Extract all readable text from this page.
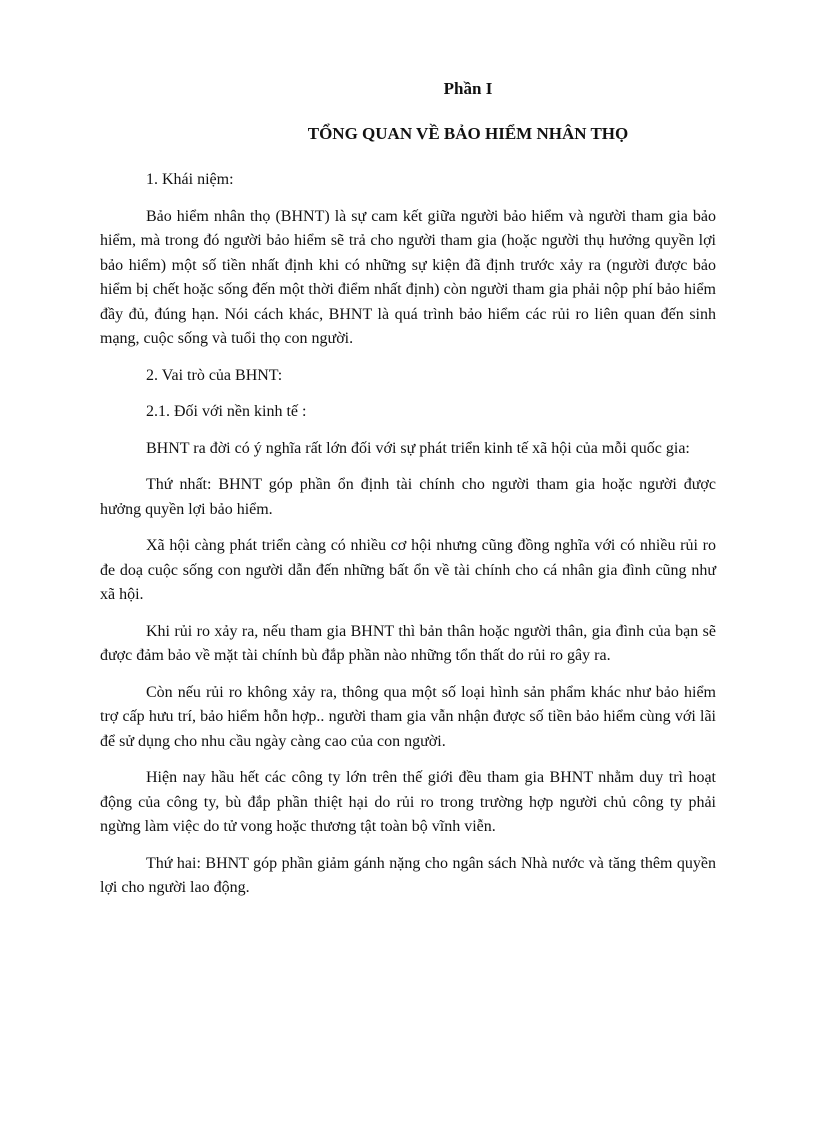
Phần I
TỔNG QUAN VỀ BẢO HIỂM NHÂN THỌ

1. Khái niệm:

Bảo hiểm nhân thọ (BHNT) là sự cam kết giữa người bảo hiểm và người tham gia bảo hiểm, mà trong đó người bảo hiểm sẽ trả cho người tham gia (hoặc người thụ hưởng quyền lợi bảo hiểm) một số tiền nhất định khi có những sự kiện đã định trước xảy ra (người được bảo hiểm bị chết hoặc sống đến một thời điểm nhất định) còn người tham gia phải nộp phí bảo hiểm đầy đủ, đúng hạn. Nói cách khác, BHNT là quá trình bảo hiểm các rủi ro liên quan đến sinh mạng, cuộc sống và tuổi thọ con người.

2. Vai trò của BHNT:

2.1. Đối với nền kinh tế :

BHNT ra đời có ý nghĩa rất lớn đối với sự phát triển kinh tế xã hội của mỗi quốc gia:

Thứ nhất: BHNT góp phần ổn định tài chính cho người tham gia hoặc người được hưởng quyền lợi bảo hiểm.

Xã hội càng phát triển càng có nhiều cơ hội nhưng cũng đồng nghĩa với có nhiều rủi ro đe doạ cuộc sống con người dẫn đến những bất ổn về tài chính cho cá nhân gia đình cũng như xã hội.

Khi rủi ro xảy ra, nếu tham gia BHNT thì bản thân hoặc người thân, gia đình của bạn sẽ được đảm bảo về mặt tài chính bù đắp phần nào những tổn thất do rủi ro gây ra.

Còn nếu rủi ro không xảy ra, thông qua một số loại hình sản phẩm khác như bảo hiểm trợ cấp hưu trí, bảo hiểm hỗn hợp.. người tham gia vẫn nhận được số tiền bảo hiểm cùng với lãi để sử dụng cho nhu cầu ngày càng cao của con người.

Hiện nay hầu hết các công ty lớn trên thế giới đều tham gia BHNT nhằm duy trì hoạt động của công ty, bù đắp phần thiệt hại do rủi ro trong trường hợp người chủ công ty phải ngừng làm việc do tử vong hoặc thương tật toàn bộ vĩnh viễn.

Thứ hai: BHNT góp phần giảm gánh nặng cho ngân sách Nhà nước và tăng thêm quyền lợi cho người lao động.
